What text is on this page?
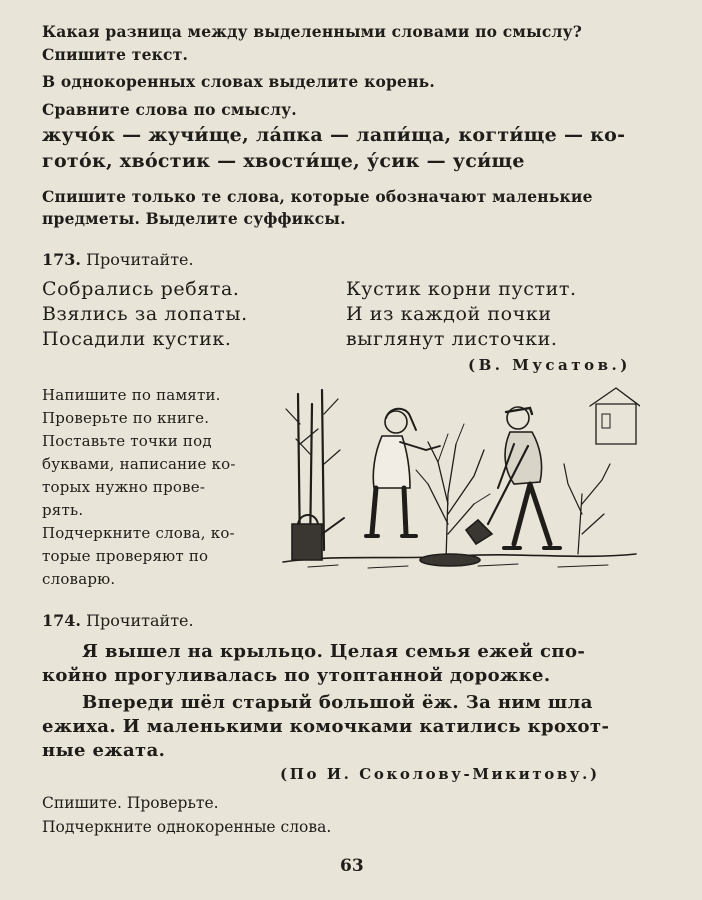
Какая разница между выделенными словами по смыслу?
Спишите текст.
В однокоренных словах выделите корень.
Сравните слова по смыслу.
жучóк — жучи́ще, ла́пка — лапи́ща, когти́ще — ко-
готóк, хвóстик — хвости́ще, у́сик — уси́ще
Спишите только те слова, которые обозначают маленькие
предметы. Выделите суффиксы.
173. Прочитайте.
Собрались ребята.
Взялись за лопаты.
Посадили кустик.
Кустик корни пустит.
И из каждой почки
выглянут листочки.
(В. Мусатов.)
Напишите по памяти.
Проверьте по книге.
Поставьте точки под
буквами, написание ко-
торых нужно прове-
рять.
Подчеркните слова, ко-
торые проверяют по
словарю.
174. Прочитайте.
Я вышел на крыльцо. Целая семья ежей спо-
койно прогуливалась по утоптанной дорожке.
Впереди шёл старый большой ёж. За ним шла
ежиха. И маленькими комочками катились крохот-
ные ежата.
(По И. Соколову-Микитову.)
Спишите. Проверьте.
Подчеркните однокоренные слова.
63
